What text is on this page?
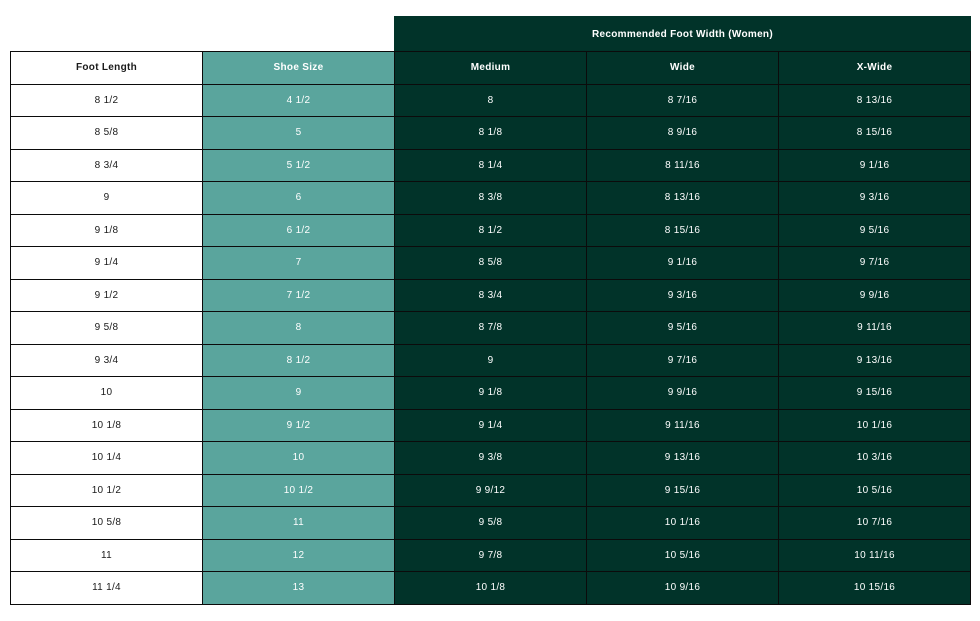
		Recommended Foot Width (Women)		
Foot Length	Shoe Size	Medium	Wide	X-Wide
8 1/2	4 1/2	8	8 7/16	8 13/16
8 5/8	5	8 1/8	8 9/16	8 15/16
8 3/4	5 1/2	8 1/4	8 11/16	9 1/16
9	6	8 3/8	8 13/16	9 3/16
9 1/8	6 1/2	8 1/2	8 15/16	9 5/16
9 1/4	7	8 5/8	9 1/16	9 7/16
9 1/2	7 1/2	8 3/4	9 3/16	9 9/16
9 5/8	8	8 7/8	9 5/16	9 11/16
9 3/4	8 1/2	9	9 7/16	9 13/16
10	9	9 1/8	9 9/16	9 15/16
10 1/8	9 1/2	9 1/4	9 11/16	10 1/16
10 1/4	10	9 3/8	9 13/16	10 3/16
10 1/2	10 1/2	9 9/12	9 15/16	10 5/16
10 5/8	11	9 5/8	10 1/16	10 7/16
11	12	9 7/8	10 5/16	10 11/16
11 1/4	13	10 1/8	10 9/16	10 15/16
